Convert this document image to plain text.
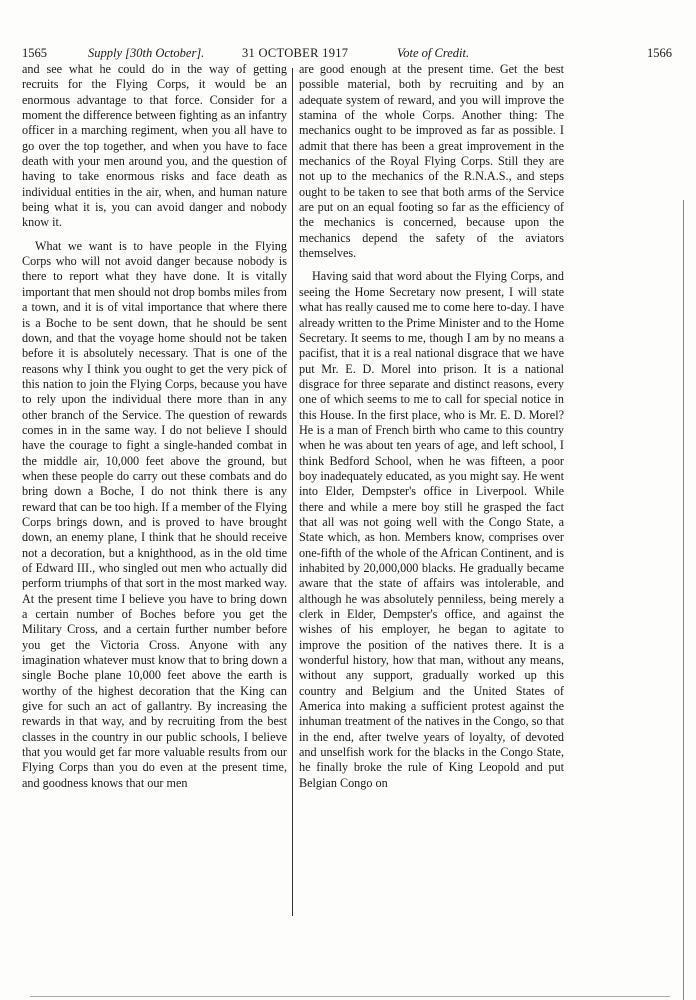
1565	Supply [30th October].	31 OCTOBER 1917	Vote of Credit.	1566

and see what he could do in the way of getting recruits for the Flying Corps, it would be an enormous advantage to that force. Consider for a moment the difference between fighting as an infantry officer in a marching regiment, when you all have to go over the top together, and when you have to face death with your men around you, and the question of having to take enormous risks and face death as individual entities in the air, when, and human nature being what it is, you can avoid danger and nobody know it.

What we want is to have people in the Flying Corps who will not avoid danger because nobody is there to report what they have done. It is vitally important that men should not drop bombs miles from a town, and it is of vital importance that where there is a Boche to be sent down, that he should be sent down, and that the voyage home should not be taken before it is absolutely necessary. That is one of the reasons why I think you ought to get the very pick of this nation to join the Flying Corps, because you have to rely upon the individual there more than in any other branch of the Service. The question of rewards comes in in the same way. I do not believe I should have the courage to fight a single-handed combat in the middle air, 10,000 feet above the ground, but when these people do carry out these combats and do bring down a Boche, I do not think there is any reward that can be too high. If a member of the Flying Corps brings down, and is proved to have brought down, an enemy plane, I think that he should receive not a decoration, but a knighthood, as in the old time of Edward III., who singled out men who actually did perform triumphs of that sort in the most marked way. At the present time I believe you have to bring down a certain number of Boches before you get the Military Cross, and a certain further number before you get the Victoria Cross. Anyone with any imagination whatever must know that to bring down a single Boche plane 10,000 feet above the earth is worthy of the highest decoration that the King can give for such an act of gallantry. By increasing the rewards in that way, and by recruiting from the best classes in the country in our public schools, I believe that you would get far more valuable results from our Flying Corps than you do even at the present time, and goodness knows that our men

are good enough at the present time. Get the best possible material, both by recruiting and by an adequate system of reward, and you will improve the stamina of the whole Corps. Another thing: The mechanics ought to be improved as far as possible. I admit that there has been a great improvement in the mechanics of the Royal Flying Corps. Still they are not up to the mechanics of the R.N.A.S., and steps ought to be taken to see that both arms of the Service are put on an equal footing so far as the efficiency of the mechanics is concerned, because upon the mechanics depend the safety of the aviators themselves.

Having said that word about the Flying Corps, and seeing the Home Secretary now present, I will state what has really caused me to come here to-day. I have already written to the Prime Minister and to the Home Secretary. It seems to me, though I am by no means a pacifist, that it is a real national disgrace that we have put Mr. E. D. Morel into prison. It is a national disgrace for three separate and distinct reasons, every one of which seems to me to call for special notice in this House. In the first place, who is Mr. E. D. Morel? He is a man of French birth who came to this country when he was about ten years of age, and left school, I think Bedford School, when he was fifteen, a poor boy inadequately educated, as you might say. He went into Elder, Dempster's office in Liverpool. While there and while a mere boy still he grasped the fact that all was not going well with the Congo State, a State which, as hon. Members know, comprises over one-fifth of the whole of the African Continent, and is inhabited by 20,000,000 blacks. He gradually became aware that the state of affairs was intolerable, and although he was absolutely penniless, being merely a clerk in Elder, Dempster's office, and against the wishes of his employer, he began to agitate to improve the position of the natives there. It is a wonderful history, how that man, without any means, without any support, gradually worked up this country and Belgium and the United States of America into making a sufficient protest against the inhuman treatment of the natives in the Congo, so that in the end, after twelve years of loyalty, of devoted and unselfish work for the blacks in the Congo State, he finally broke the rule of King Leopold and put Belgian Congo on
